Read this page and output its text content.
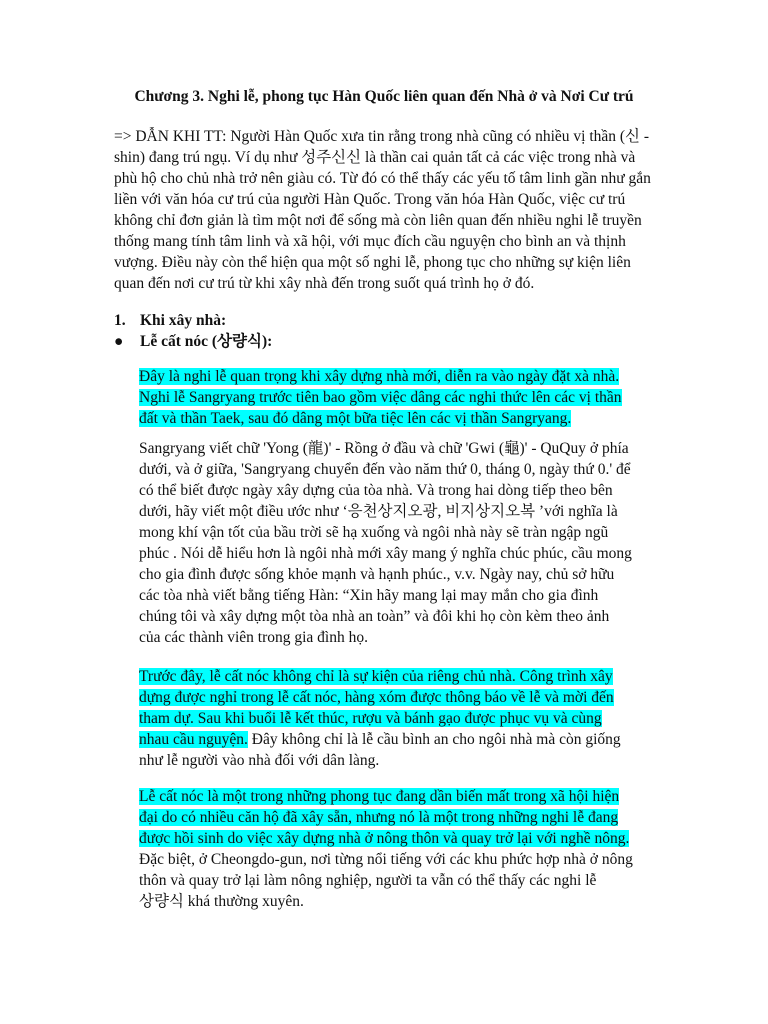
Chương 3. Nghi lễ, phong tục Hàn Quốc liên quan đến Nhà ở và Nơi Cư trú
=> DẪN KHI TT: Người Hàn Quốc xưa tin rằng trong nhà cũng có nhiều vị thần (신 -
shin) đang trú ngụ. Ví dụ như 성주신신 là thần cai quản tất cả các việc trong nhà và
phù hộ cho chủ nhà trở nên giàu có. Từ đó có thể thấy các yếu tố tâm linh gần như gắn
liền với văn hóa cư trú của người Hàn Quốc. Trong văn hóa Hàn Quốc, việc cư trú
không chỉ đơn giản là tìm một nơi để sống mà còn liên quan đến nhiều nghi lễ truyền
thống mang tính tâm linh và xã hội, với mục đích cầu nguyện cho bình an và thịnh
vượng. Điều này còn thể hiện qua một số nghi lễ, phong tục cho những sự kiện liên
quan đến nơi cư trú từ khi xây nhà đến trong suốt quá trình họ ở đó.
1. Khi xây nhà:
●	Lễ cất nóc (상량식):
Đây là nghi lễ quan trọng khi xây dựng nhà mới, diễn ra vào ngày đặt xà nhà.
Nghi lễ Sangryang trước tiên bao gồm việc dâng các nghi thức lên các vị thần
đất và thần Taek, sau đó dâng một bữa tiệc lên các vị thần Sangryang.
Sangryang viết chữ 'Yong (龍)' - Rồng ở đầu và chữ 'Gwi (龜)' - QuQuy ở phía
dưới, và ở giữa, 'Sangryang chuyển đến vào năm thứ 0, tháng 0, ngày thứ 0.' để
có thể biết được ngày xây dựng của tòa nhà. Và trong hai dòng tiếp theo bên
dưới, hãy viết một điều ước như ‘응천상지오광, 비지상지오복 ’với nghĩa là
mong khí vận tốt của bầu trời sẽ hạ xuống và ngôi nhà này sẽ tràn ngập ngũ
phúc . Nói dễ hiểu hơn là ngôi nhà mới xây mang ý nghĩa chúc phúc, cầu mong
cho gia đình được sống khỏe mạnh và hạnh phúc., v.v. Ngày nay, chủ sở hữu
các tòa nhà viết bằng tiếng Hàn: “Xin hãy mang lại may mắn cho gia đình
chúng tôi và xây dựng một tòa nhà an toàn” và đôi khi họ còn kèm theo ảnh
của các thành viên trong gia đình họ.
Trước đây, lễ cất nóc không chỉ là sự kiện của riêng chủ nhà. Công trình xây
dựng được nghỉ trong lễ cất nóc, hàng xóm được thông báo về lễ và mời đến
tham dự. Sau khi buổi lễ kết thúc, rượu và bánh gạo được phục vụ và cùng
nhau cầu nguyện. Đây không chỉ là lễ cầu bình an cho ngôi nhà mà còn giống
như lễ người vào nhà đối với dân làng.
Lễ cất nóc là một trong những phong tục đang dần biến mất trong xã hội hiện
đại do có nhiều căn hộ đã xây sẵn, nhưng nó là một trong những nghi lễ đang
được hồi sinh do việc xây dựng nhà ở nông thôn và quay trở lại với nghề nông.
Đặc biệt, ở Cheongdo-gun, nơi từng nổi tiếng với các khu phức hợp nhà ở nông
thôn và quay trở lại làm nông nghiệp, người ta vẫn có thể thấy các nghi lễ
상량식 khá thường xuyên.
